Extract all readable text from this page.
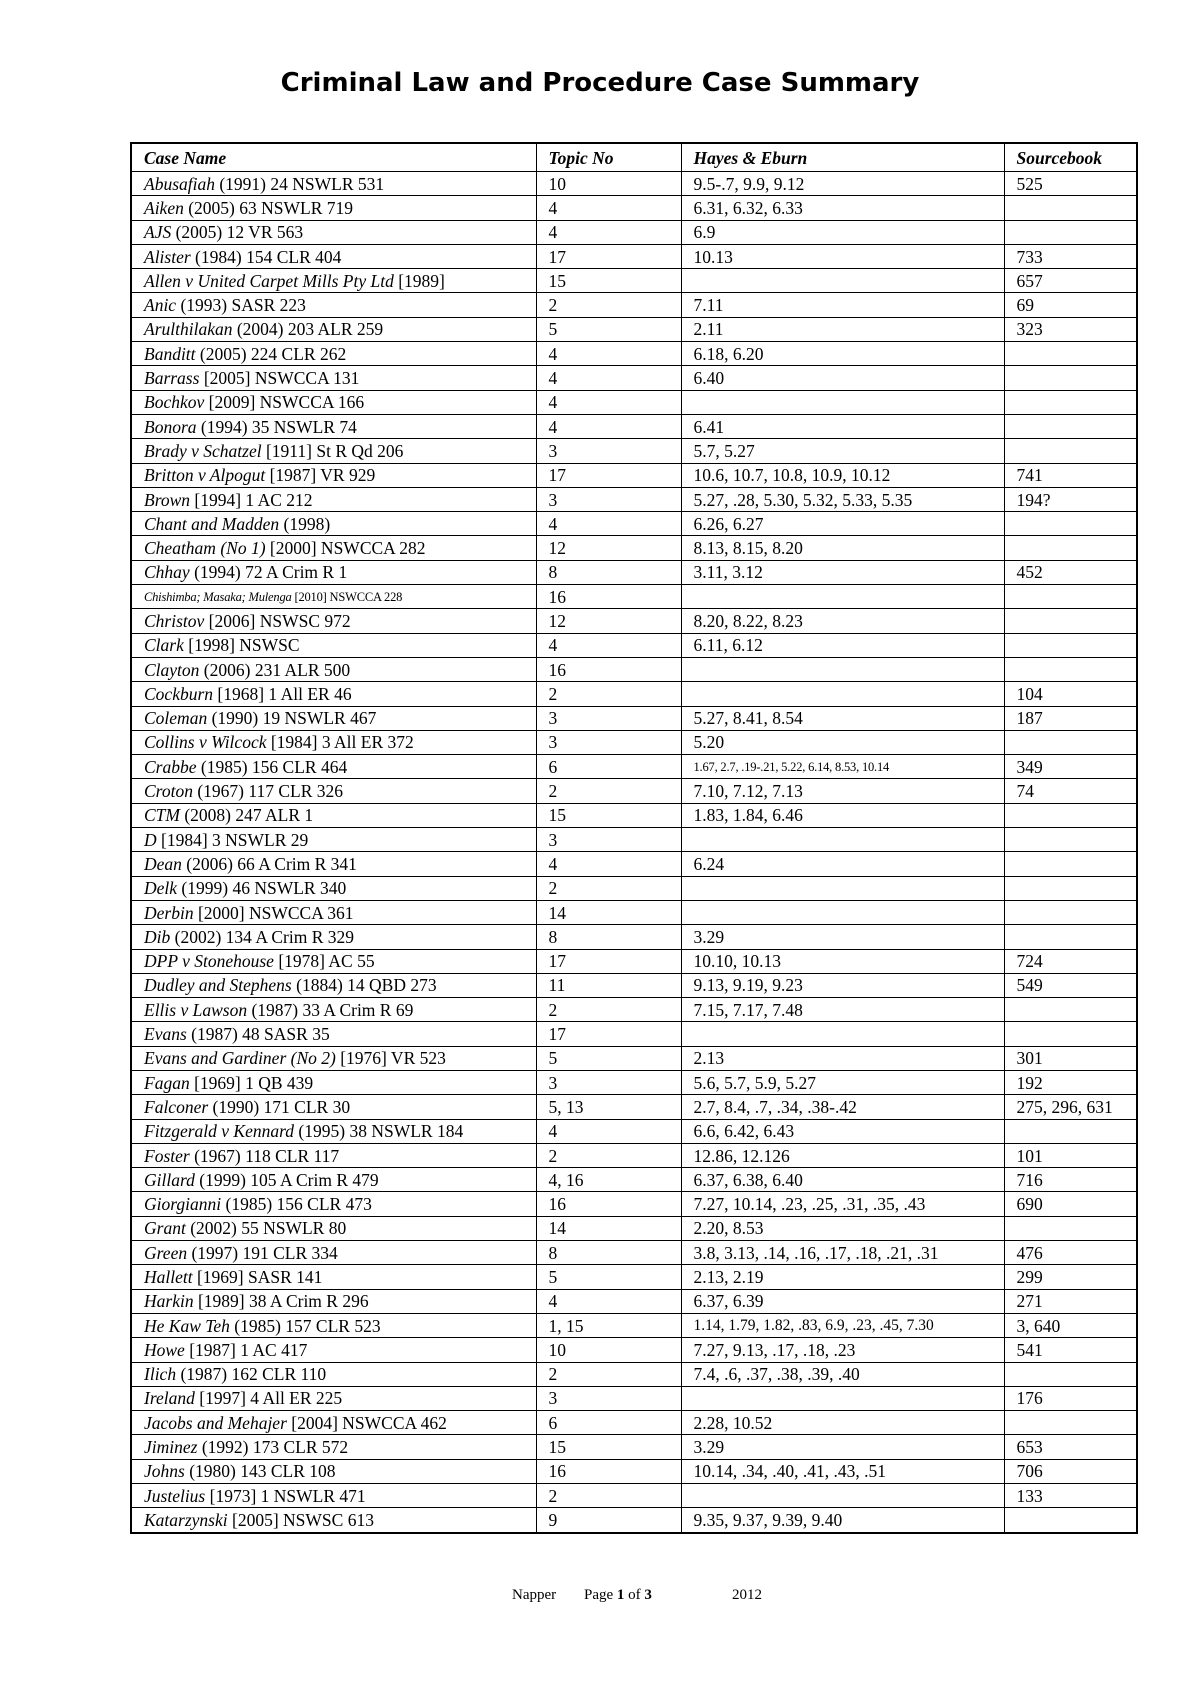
Criminal Law and Procedure Case Summary
Case Name	Topic No	Hayes & Eburn	Sourcebook
Abusafiah (1991) 24 NSWLR 531	10	9.5-.7, 9.9, 9.12	525
Aiken (2005) 63 NSWLR 719	4	6.31, 6.32, 6.33	
AJS (2005) 12 VR 563	4	6.9	
Alister (1984) 154 CLR 404	17	10.13	733
Allen v United Carpet Mills Pty Ltd [1989]	15		657
Anic (1993) SASR 223	2	7.11	69
Arulthilakan (2004) 203 ALR 259	5	2.11	323
Banditt (2005) 224 CLR 262	4	6.18, 6.20	
Barrass [2005] NSWCCA 131	4	6.40	
Bochkov [2009] NSWCCA 166	4		
Bonora (1994) 35 NSWLR 74	4	6.41	
Brady v Schatzel [1911] St R Qd 206	3	5.7, 5.27	
Britton v Alpogut [1987] VR 929	17	10.6, 10.7, 10.8, 10.9, 10.12	741
Brown [1994] 1 AC 212	3	5.27, .28, 5.30, 5.32, 5.33, 5.35	194?
Chant and Madden (1998)	4	6.26, 6.27	
Cheatham (No 1) [2000] NSWCCA 282	12	8.13, 8.15, 8.20	
Chhay (1994) 72 A Crim R 1	8	3.11, 3.12	452
Chishimba; Masaka; Mulenga [2010] NSWCCA 228	16		
Christov [2006] NSWSC 972	12	8.20, 8.22, 8.23	
Clark [1998] NSWSC	4	6.11, 6.12	
Clayton (2006) 231 ALR 500	16		
Cockburn [1968] 1 All ER 46	2		104
Coleman (1990) 19 NSWLR 467	3	5.27, 8.41, 8.54	187
Collins v Wilcock [1984] 3 All ER 372	3	5.20	
Crabbe (1985) 156 CLR 464	6	1.67, 2.7, .19-.21, 5.22, 6.14, 8.53, 10.14	349
Croton (1967) 117 CLR 326	2	7.10, 7.12, 7.13	74
CTM (2008) 247 ALR 1	15	1.83, 1.84, 6.46	
D [1984] 3 NSWLR 29	3		
Dean (2006) 66 A Crim R 341	4	6.24	
Delk (1999) 46 NSWLR 340	2		
Derbin [2000] NSWCCA 361	14		
Dib (2002) 134 A Crim R 329	8	3.29	
DPP v Stonehouse [1978] AC 55	17	10.10, 10.13	724
Dudley and Stephens (1884) 14 QBD 273	11	9.13, 9.19, 9.23	549
Ellis v Lawson (1987) 33 A Crim R 69	2	7.15, 7.17, 7.48	
Evans (1987) 48 SASR 35	17		
Evans and Gardiner (No 2) [1976] VR 523	5	2.13	301
Fagan [1969] 1 QB 439	3	5.6, 5.7, 5.9, 5.27	192
Falconer (1990) 171 CLR 30	5, 13	2.7, 8.4, .7, .34, .38-.42	275, 296, 631
Fitzgerald v Kennard (1995) 38 NSWLR 184	4	6.6, 6.42, 6.43	
Foster (1967) 118 CLR 117	2	12.86, 12.126	101
Gillard (1999) 105 A Crim R 479	4, 16	6.37, 6.38, 6.40	716
Giorgianni (1985) 156 CLR 473	16	7.27, 10.14, .23, .25, .31, .35, .43	690
Grant (2002) 55 NSWLR 80	14	2.20, 8.53	
Green (1997) 191 CLR 334	8	3.8, 3.13, .14, .16, .17, .18, .21, .31	476
Hallett [1969] SASR 141	5	2.13, 2.19	299
Harkin [1989] 38 A Crim R 296	4	6.37, 6.39	271
He Kaw Teh (1985) 157 CLR 523	1, 15	1.14, 1.79, 1.82, .83, 6.9, .23, .45, 7.30	3, 640
Howe [1987] 1 AC 417	10	7.27, 9.13, .17, .18, .23	541
Ilich (1987) 162 CLR 110	2	7.4, .6, .37, .38, .39, .40	
Ireland [1997] 4 All ER 225	3		176
Jacobs and Mehajer [2004] NSWCCA 462	6	2.28, 10.52	
Jiminez (1992) 173 CLR 572	15	3.29	653
Johns (1980) 143 CLR 108	16	10.14, .34, .40, .41, .43, .51	706
Justelius [1973] 1 NSWLR 471	2		133
Katarzynski [2005] NSWSC 613	9	9.35, 9.37, 9.39, 9.40	
Napper Page 1 of 3	2012
